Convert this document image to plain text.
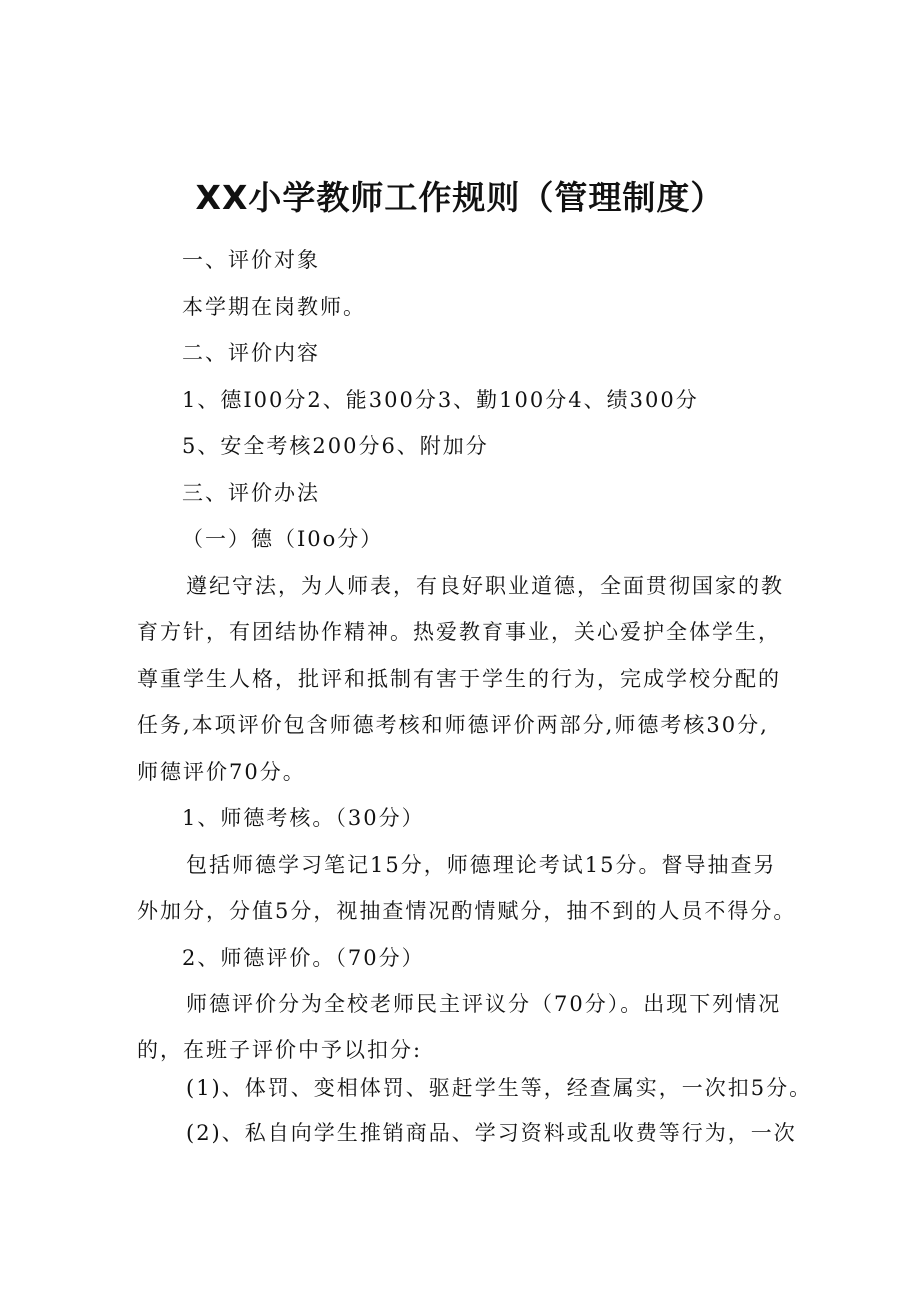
XX小学教师工作规则（管理制度）

一、评价对象

本学期在岗教师。

二、评价内容

1、德I00分2、能300分3、勤100分4、绩300分

5、安全考核200分6、附加分

三、评价办法

（一）德（I0o分）

遵纪守法，为人师表，有良好职业道德，全面贯彻国家的教

育方针，有团结协作精神。热爱教育事业，关心爱护全体学生，

尊重学生人格，批评和抵制有害于学生的行为，完成学校分配的

任务,本项评价包含师德考核和师德评价两部分,师德考核30分,

师德评价70分。

1、师德考核。（30分）

包括师德学习笔记15分，师德理论考试15分。督导抽查另

外加分，分值5分，视抽查情况酌情赋分，抽不到的人员不得分。

2、师德评价。（70分）

师德评价分为全校老师民主评议分（70分）。出现下列情况

的，在班子评价中予以扣分:

(1)、体罚、变相体罚、驱赶学生等，经查属实，一次扣5分。

(2)、私自向学生推销商品、学习资料或乱收费等行为，一次
